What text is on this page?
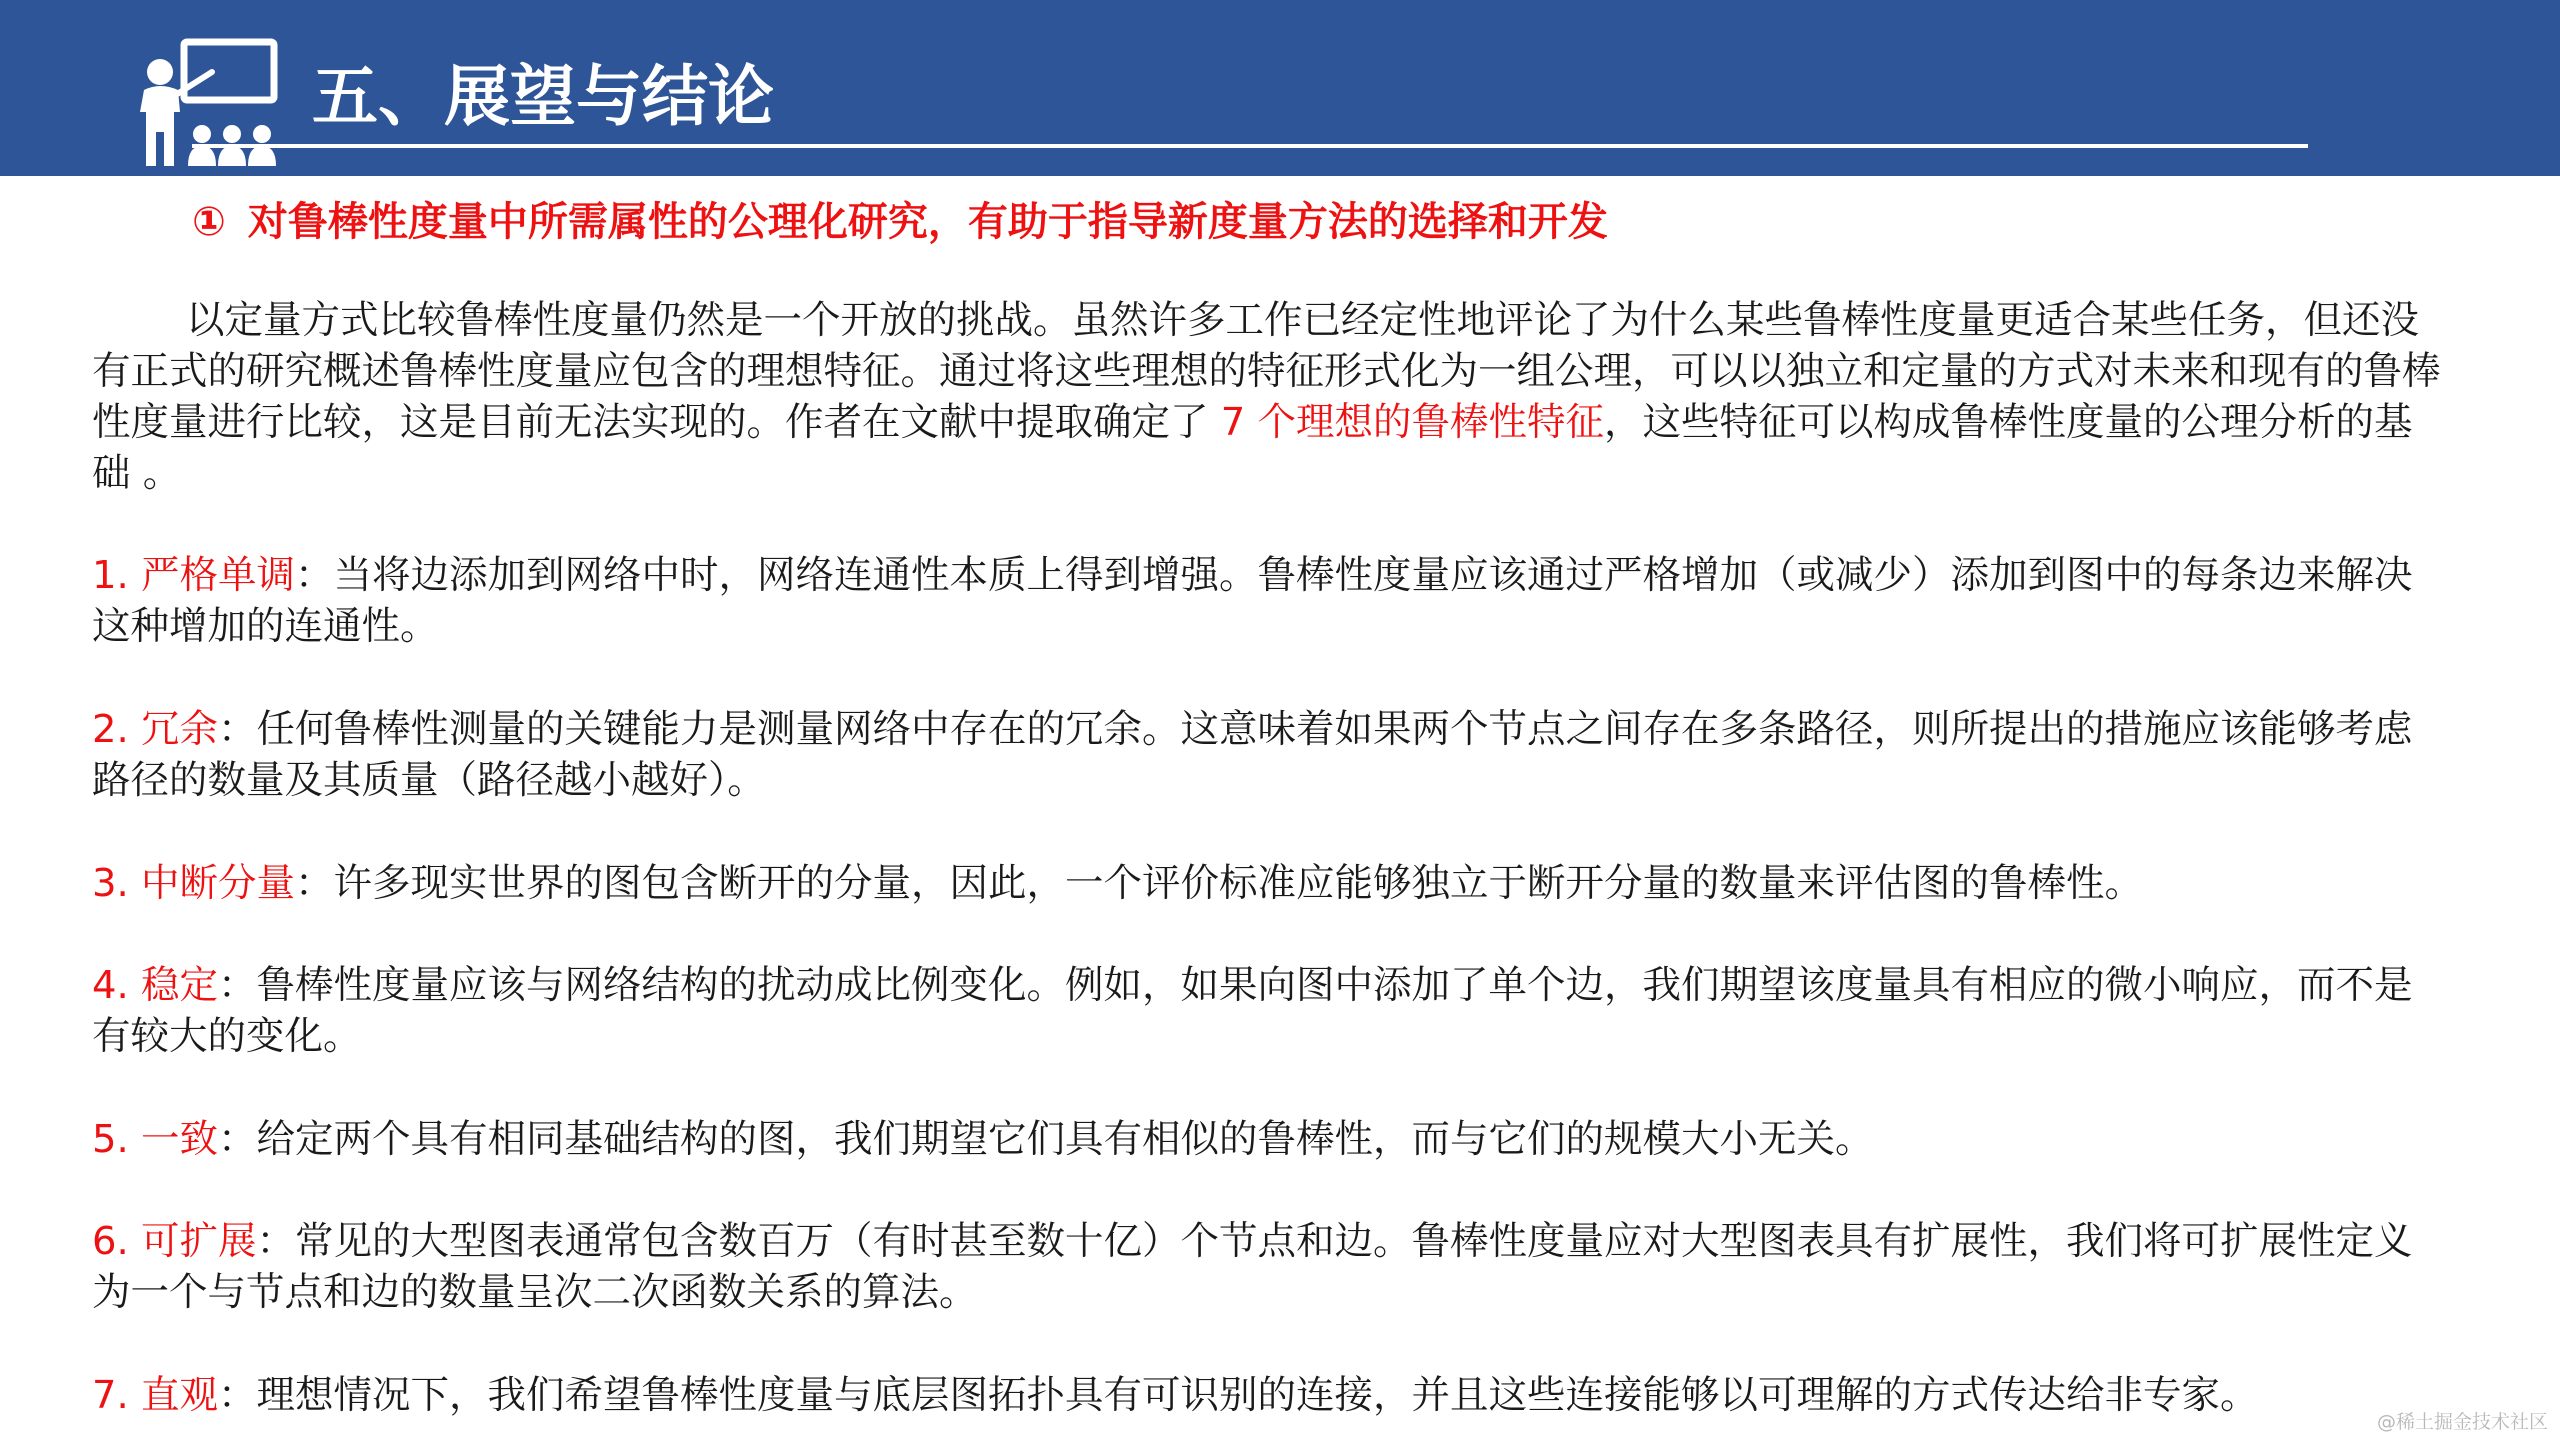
五、展望与结论
① 对鲁棒性度量中所需属性的公理化研究，有助于指导新度量方法的选择和开发
以定量方式比较鲁棒性度量仍然是一个开放的挑战。虽然许多工作已经定性地评论了为什么某些鲁棒性度量更适合某些任务，但还没有正式的研究概述鲁棒性度量应包含的理想特征。通过将这些理想的特征形式化为一组公理，可以以独立和定量的方式对未来和现有的鲁棒性度量进行比较，这是目前无法实现的。作者在文献中提取确定了 7 个理想的鲁棒性特征，这些特征可以构成鲁棒性度量的公理分析的基础 。
1. 严格单调：当将边添加到网络中时，网络连通性本质上得到增强。鲁棒性度量应该通过严格增加（或减少）添加到图中的每条边来解决这种增加的连通性。
2. 冗余：任何鲁棒性测量的关键能力是测量网络中存在的冗余。这意味着如果两个节点之间存在多条路径，则所提出的措施应该能够考虑路径的数量及其质量（路径越小越好）。
3. 中断分量：许多现实世界的图包含断开的分量，因此，一个评价标准应能够独立于断开分量的数量来评估图的鲁棒性。
4. 稳定：鲁棒性度量应该与网络结构的扰动成比例变化。例如，如果向图中添加了单个边，我们期望该度量具有相应的微小响应，而不是有较大的变化。
5. 一致：给定两个具有相同基础结构的图，我们期望它们具有相似的鲁棒性，而与它们的规模大小无关。
6. 可扩展：常见的大型图表通常包含数百万（有时甚至数十亿）个节点和边。鲁棒性度量应对大型图表具有扩展性，我们将可扩展性定义为一个与节点和边的数量呈次二次函数关系的算法。
7. 直观：理想情况下，我们希望鲁棒性度量与底层图拓扑具有可识别的连接，并且这些连接能够以可理解的方式传达给非专家。
@稀土掘金技术社区
